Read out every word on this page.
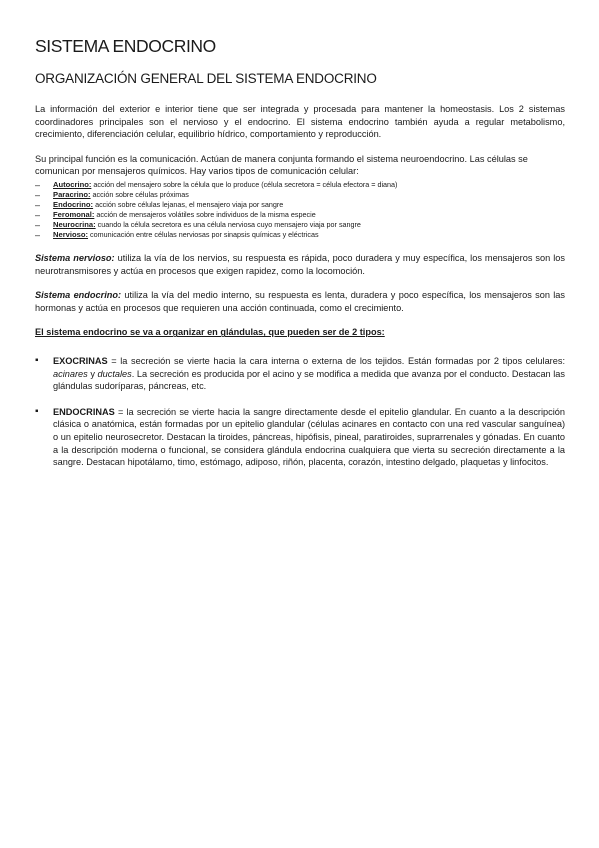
SISTEMA ENDOCRINO
ORGANIZACIÓN GENERAL DEL SISTEMA ENDOCRINO

La información del exterior e interior tiene que ser integrada y procesada para mantener la homeostasis. Los 2 sistemas coordinadores principales son el nervioso y el endocrino. El sistema endocrino también ayuda a regular metabolismo, crecimiento, diferenciación celular, equilibrio hídrico, comportamiento y reproducción.

Su principal función es la comunicación. Actúan de manera conjunta formando el sistema neuroendocrino. Las células se comunican por mensajeros químicos. Hay varios tipos de comunicación celular:

– Autocrino: acción del mensajero sobre la célula que lo produce (célula secretora = célula efectora = diana)
– Paracrino: acción sobre células próximas
– Endocrino: acción sobre células lejanas, el mensajero viaja por sangre
– Feromonal: acción de mensajeros volátiles sobre individuos de la misma especie
– Neurocrina: cuando la célula secretora es una célula nerviosa cuyo mensajero viaja por sangre
– Nervioso: comunicación entre células nerviosas por sinapsis químicas y eléctricas

Sistema nervioso: utiliza la vía de los nervios, su respuesta es rápida, poco duradera y muy específica, los mensajeros son los neurotransmisores y actúa en procesos que exigen rapidez, como la locomoción.

Sistema endocrino: utiliza la vía del medio interno, su respuesta es lenta, duradera y poco específica, los mensajeros son las hormonas y actúa en procesos que requieren una acción continuada, como el crecimiento.

El sistema endocrino se va a organizar en glándulas, que pueden ser de 2 tipos:

▪ EXOCRINAS = la secreción se vierte hacia la cara interna o externa de los tejidos. Están formadas por 2 tipos celulares: acinares y ductales. La secreción es producida por el acino y se modifica a medida que avanza por el conducto. Destacan las glándulas sudoríparas, páncreas, etc.
▪ ENDOCRINAS = la secreción se vierte hacia la sangre directamente desde el epitelio glandular. En cuanto a la descripción clásica o anatómica, están formadas por un epitelio glandular (células acinares en contacto con una red vascular sanguínea) o un epitelio neurosecretor. Destacan la tiroides, páncreas, hipófisis, pineal, paratiroides, suprarrenales y gónadas. En cuanto a la descripción moderna o funcional, se considera glándula endocrina cualquiera que vierta su secreción directamente a la sangre. Destacan hipotálamo, timo, estómago, adiposo, riñón, placenta, corazón, intestino delgado, plaquetas y linfocitos.
